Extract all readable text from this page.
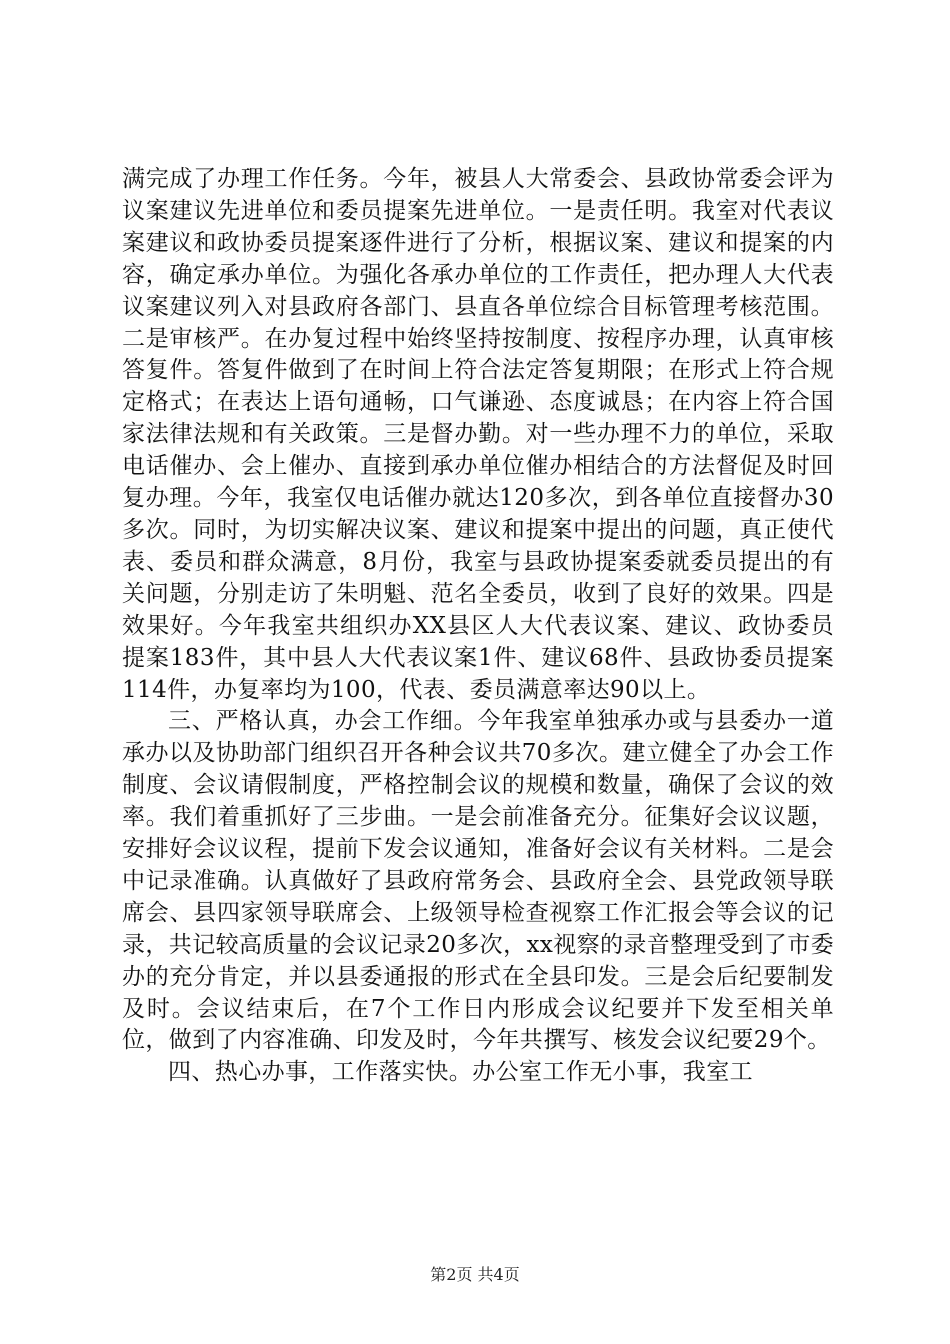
满完成了办理工作任务。今年，被县人大常委会、县政协常委会评为议案建议先进单位和委员提案先进单位。一是责任明。我室对代表议案建议和政协委员提案逐件进行了分析，根据议案、建议和提案的内容，确定承办单位。为强化各承办单位的工作责任，把办理人大代表议案建议列入对县政府各部门、县直各单位综合目标管理考核范围。二是审核严。在办复过程中始终坚持按制度、按程序办理，认真审核答复件。答复件做到了在时间上符合法定答复期限；在形式上符合规定格式；在表达上语句通畅，口气谦逊、态度诚恳；在内容上符合国家法律法规和有关政策。三是督办勤。对一些办理不力的单位，采取电话催办、会上催办、直接到承办单位催办相结合的方法督促及时回复办理。今年，我室仅电话催办就达120多次，到各单位直接督办30多次。同时，为切实解决议案、建议和提案中提出的问题，真正使代表、委员和群众满意，8月份，我室与县政协提案委就委员提出的有关问题，分别走访了朱明魁、范名全委员，收到了良好的效果。四是效果好。今年我室共组织办XX县区人大代表议案、建议、政协委员提案183件，其中县人大代表议案1件、建议68件、县政协委员提案114件，办复率均为100，代表、委员满意率达90以上。

三、严格认真，办会工作细。今年我室单独承办或与县委办一道承办以及协助部门组织召开各种会议共70多次。建立健全了办会工作制度、会议请假制度，严格控制会议的规模和数量，确保了会议的效率。我们着重抓好了三步曲。一是会前准备充分。征集好会议议题，安排好会议议程，提前下发会议通知，准备好会议有关材料。二是会中记录准确。认真做好了县政府常务会、县政府全会、县党政领导联席会、县四家领导联席会、上级领导检查视察工作汇报会等会议的记录，共记较高质量的会议记录20多次，xx视察的录音整理受到了市委办的充分肯定，并以县委通报的形式在全县印发。三是会后纪要制发及时。会议结束后，在7个工作日内形成会议纪要并下发至相关单位，做到了内容准确、印发及时，今年共撰写、核发会议纪要29个。

四、热心办事，工作落实快。办公室工作无小事，我室工

第2页 共4页
